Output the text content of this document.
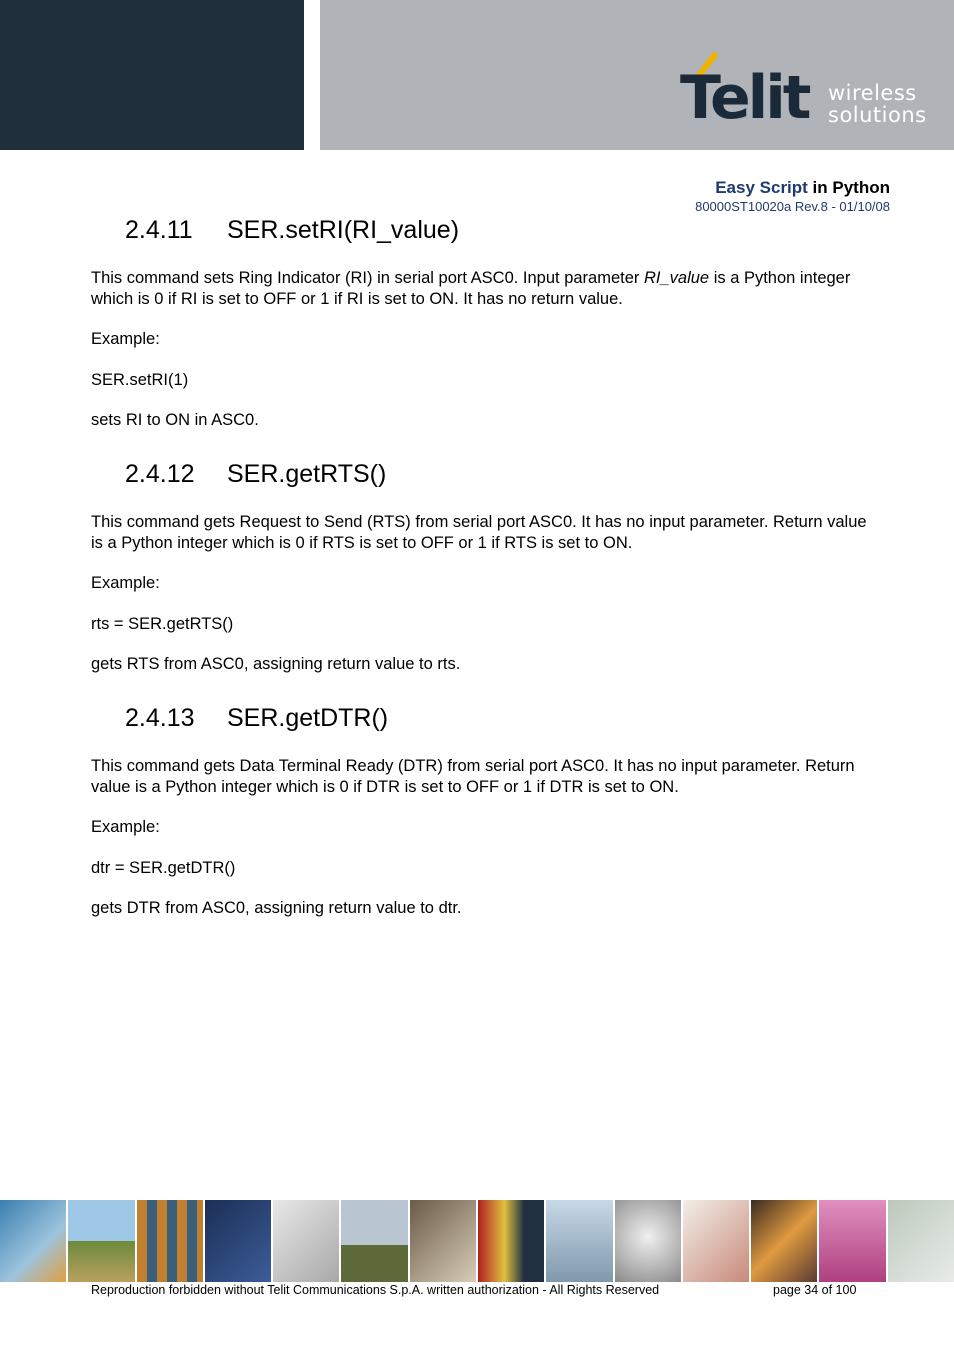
Telit wireless
solutions
Easy Script in Python
80000ST10020a Rev.8 - 01/10/08
2.4.11 SER.setRI(RI_value)

This command sets Ring Indicator (RI) in serial port ASC0. Input parameter RI_value is a Python integer which is 0 if RI is set to OFF or 1 if RI is set to ON. It has no return value.

Example:

SER.setRI(1)

sets RI to ON in ASC0.

2.4.12 SER.getRTS()

This command gets Request to Send (RTS) from serial port ASC0. It has no input parameter. Return value is a Python integer which is 0 if RTS is set to OFF or 1 if RTS is set to ON.

Example:

rts = SER.getRTS()

gets RTS from ASC0, assigning return value to rts.

2.4.13 SER.getDTR()

This command gets Data Terminal Ready (DTR) from serial port ASC0. It has no input parameter. Return value is a Python integer which is 0 if DTR is set to OFF or 1 if DTR is set to ON.

Example:

dtr = SER.getDTR()

gets DTR from ASC0, assigning return value to dtr.

Reproduction forbidden without Telit Communications S.p.A. written authorization - All Rights Reserved	page 34 of 100
